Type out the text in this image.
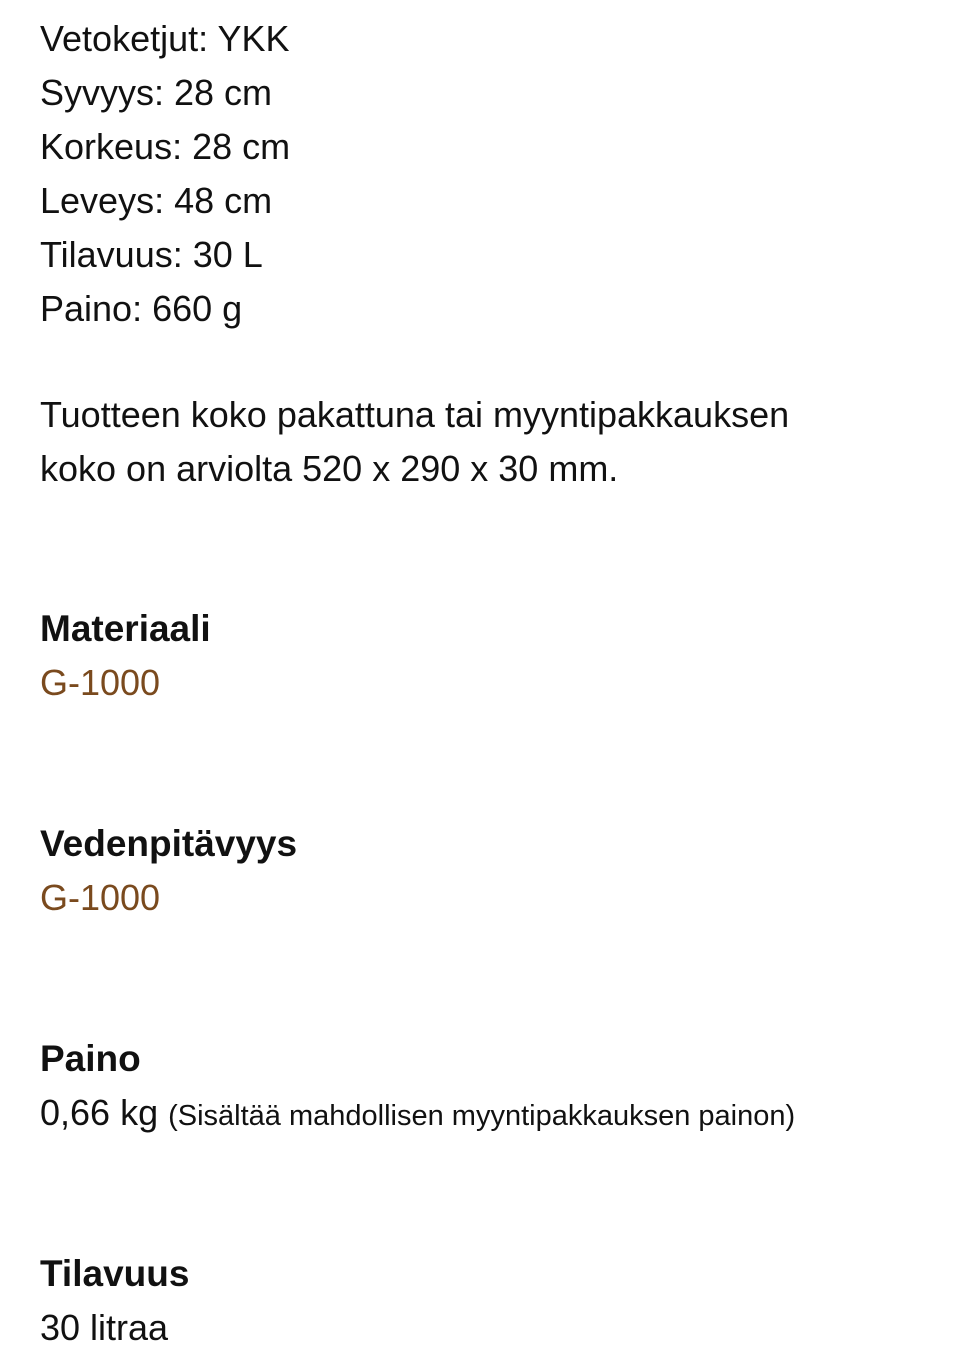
Vetoketjut: YKK
Syvyys: 28 cm
Korkeus: 28 cm
Leveys: 48 cm
Tilavuus: 30 L
Paino: 660 g
Tuotteen koko pakattuna tai myyntipakkauksen
koko on arviolta 520 x 290 x 30 mm.
Materiaali
G-1000
Vedenpitävyys
G-1000
Paino
0,66 kg (Sisältää mahdollisen myyntipakkauksen painon)
Tilavuus
30 litraa
